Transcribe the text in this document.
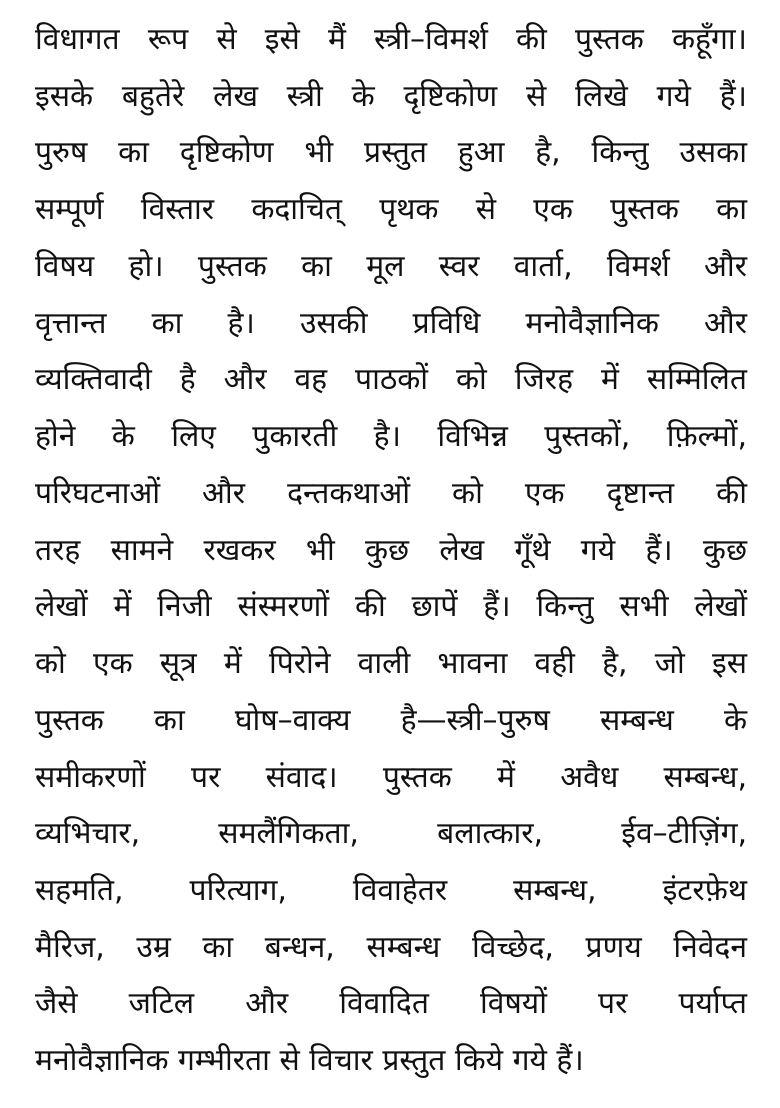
विधागत रूप से इसे मैं स्त्री–विमर्श की पुस्तक कहूँगा।
इसके बहुतेरे लेख स्त्री के दृष्टिकोण से लिखे गये हैं।
पुरुष का दृष्टिकोण भी प्रस्तुत हुआ है, किन्तु उसका
सम्पूर्ण विस्तार कदाचित् पृथक से एक पुस्तक का
विषय हो। पुस्तक का मूल स्वर वार्ता, विमर्श और
वृत्तान्त का है। उसकी प्रविधि मनोवैज्ञानिक और
व्यक्तिवादी है और वह पाठकों को जिरह में सम्मिलित
होने के लिए पुकारती है। विभिन्न पुस्तकों, फ़िल्मों,
परिघटनाओं और दन्तकथाओं को एक दृष्टान्त की
तरह सामने रखकर भी कुछ लेख गूँथे गये हैं। कुछ
लेखों में निजी संस्मरणों की छापें हैं। किन्तु सभी लेखों
को एक सूत्र में पिरोने वाली भावना वही है, जो इस
पुस्तक का घोष–वाक्य है—स्त्री–पुरुष सम्बन्ध के
समीकरणों पर संवाद। पुस्तक में अवैध सम्बन्ध,
व्यभिचार, समलैंगिकता, बलात्कार, ईव–टीज़िंग,
सहमति, परित्याग, विवाहेतर सम्बन्ध, इंटरफ़ेथ
मैरिज, उम्र का बन्धन, सम्बन्ध विच्छेद, प्रणय निवेदन
जैसे जटिल और विवादित विषयों पर पर्याप्त
मनोवैज्ञानिक गम्भीरता से विचार प्रस्तुत किये गये हैं।
